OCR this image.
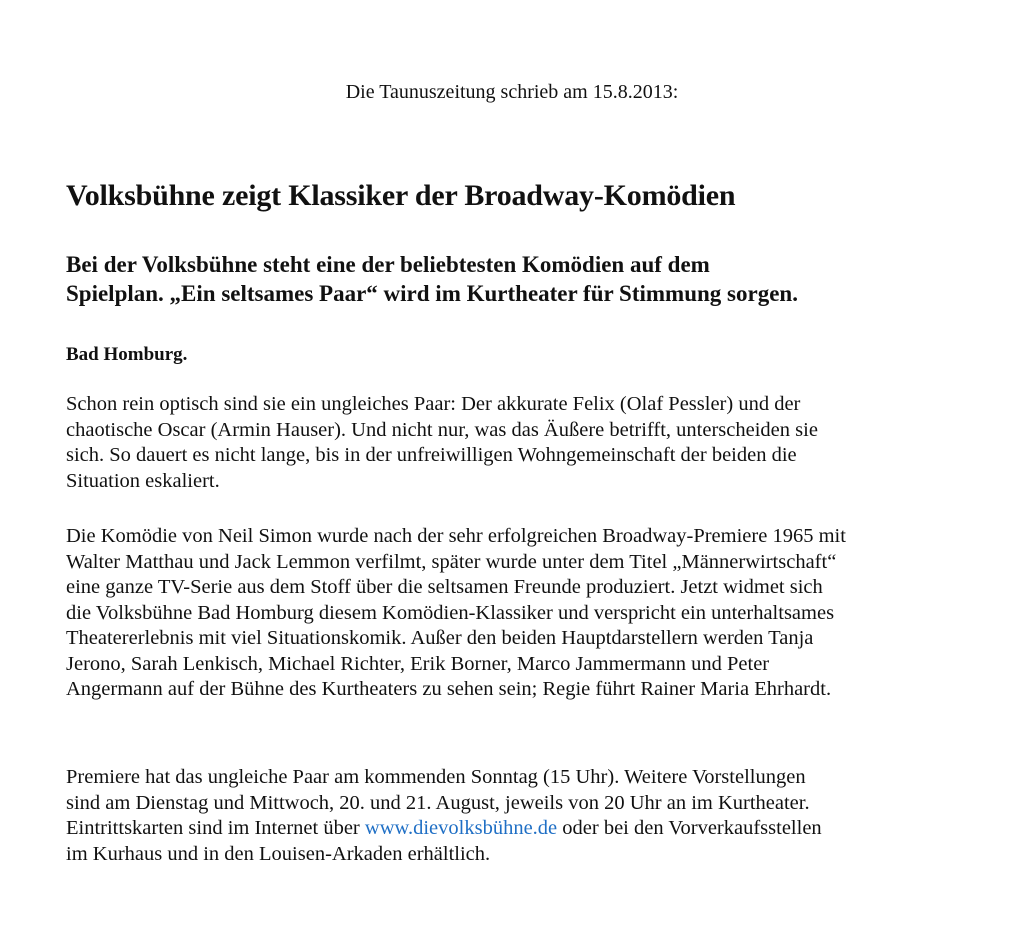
Die Taunuszeitung schrieb am 15.8.2013:
Volksbühne zeigt Klassiker der Broadway-Komödien
Bei der Volksbühne steht eine der beliebtesten Komödien auf dem
Spielplan. „Ein seltsames Paar“ wird im Kurtheater für Stimmung sorgen.

Bad Homburg.

Schon rein optisch sind sie ein ungleiches Paar: Der akkurate Felix (Olaf Pessler) und der
chaotische Oscar (Armin Hauser). Und nicht nur, was das Äußere betrifft, unterscheiden sie
sich. So dauert es nicht lange, bis in der unfreiwilligen Wohngemeinschaft der beiden die
Situation eskaliert.

Die Komödie von Neil Simon wurde nach der sehr erfolgreichen Broadway-Premiere 1965 mit
Walter Matthau und Jack Lemmon verfilmt, später wurde unter dem Titel „Männerwirtschaft“
eine ganze TV-Serie aus dem Stoff über die seltsamen Freunde produziert. Jetzt widmet sich
die Volksbühne Bad Homburg diesem Komödien-Klassiker und verspricht ein unterhaltsames
Theatererlebnis mit viel Situationskomik. Außer den beiden Hauptdarstellern werden Tanja
Jerono, Sarah Lenkisch, Michael Richter, Erik Borner, Marco Jammermann und Peter
Angermann auf der Bühne des Kurtheaters zu sehen sein; Regie führt Rainer Maria Ehrhardt.

Premiere hat das ungleiche Paar am kommenden Sonntag (15 Uhr). Weitere Vorstellungen
sind am Dienstag und Mittwoch, 20. und 21. August, jeweils von 20 Uhr an im Kurtheater.
Eintrittskarten sind im Internet über www.dievolksbühne.de oder bei den Vorverkaufsstellen
im Kurhaus und in den Louisen-Arkaden erhältlich.
